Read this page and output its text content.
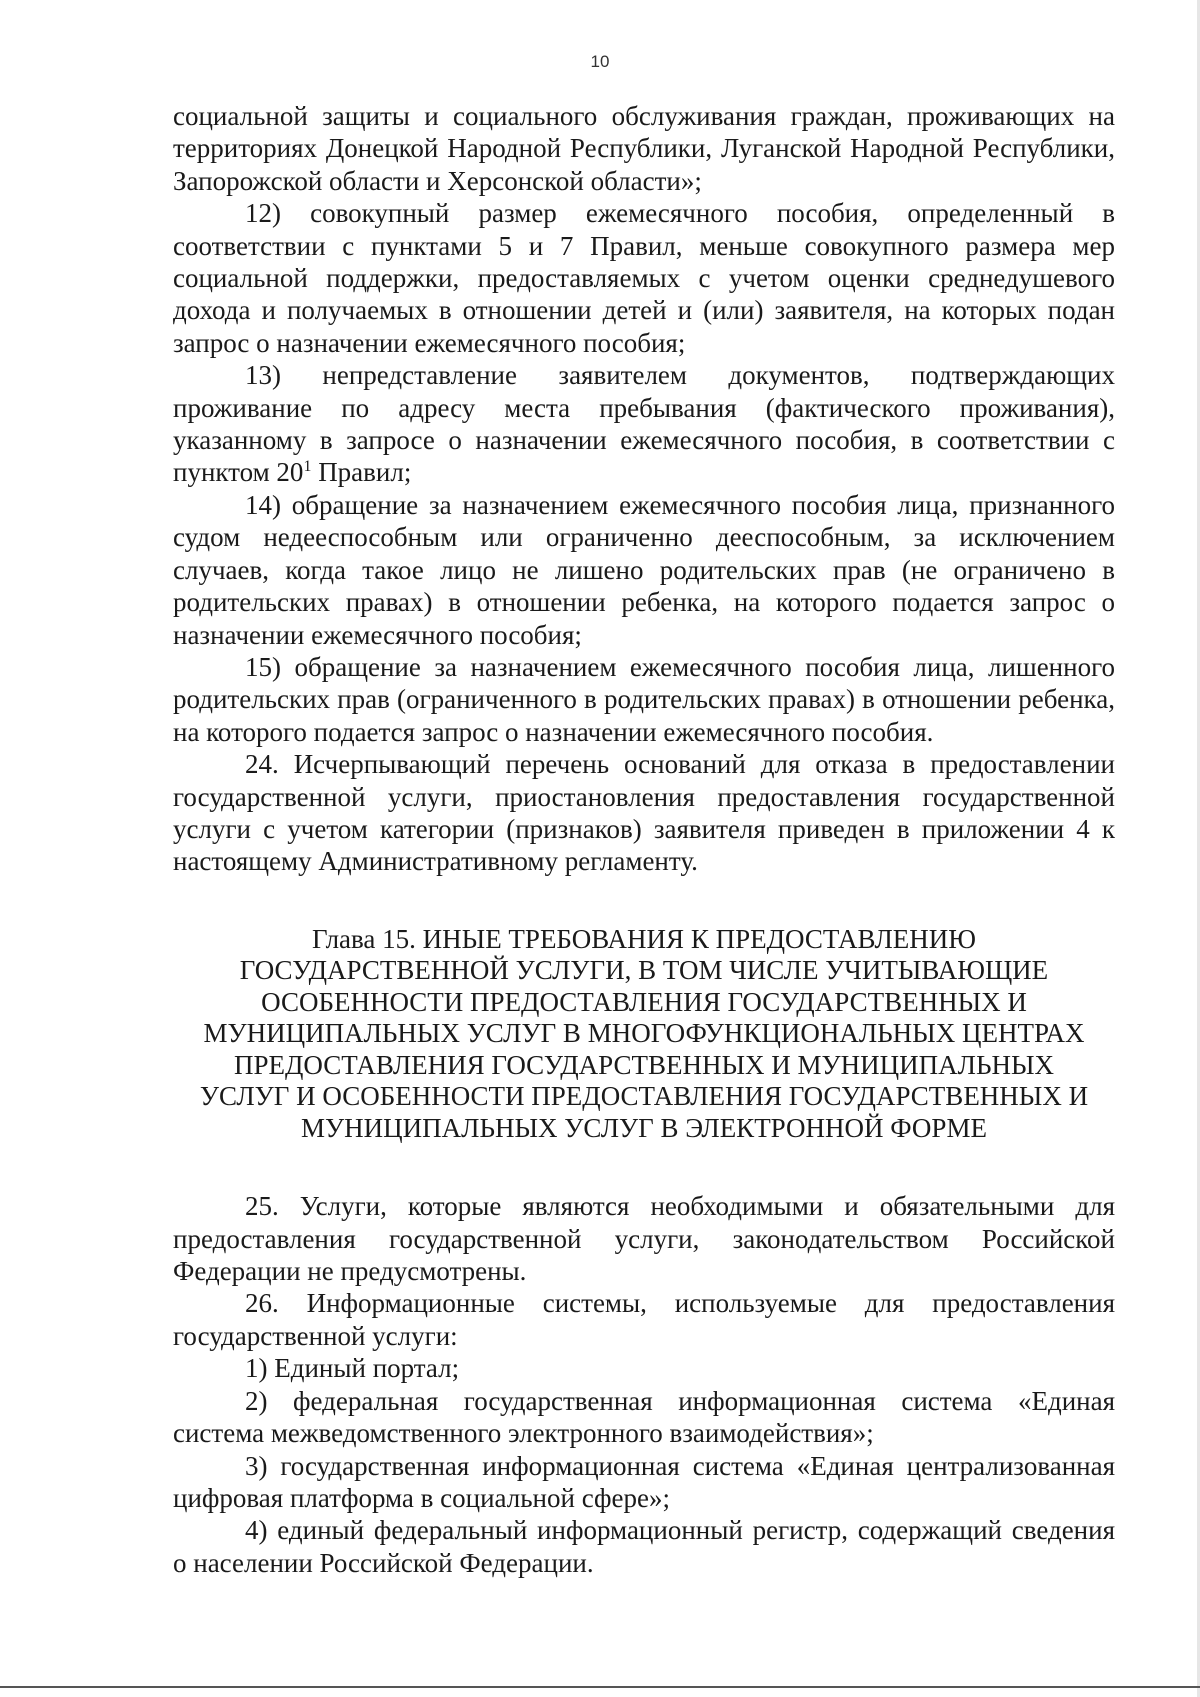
10

социальной защиты и социального обслуживания граждан, проживающих на территориях Донецкой Народной Республики, Луганской Народной Республики, Запорожской области и Херсонской области»;

12) совокупный размер ежемесячного пособия, определенный в соответствии с пунктами 5 и 7 Правил, меньше совокупного размера мер социальной поддержки, предоставляемых с учетом оценки среднедушевого дохода и получаемых в отношении детей и (или) заявителя, на которых подан запрос о назначении ежемесячного пособия;

13) непредставление заявителем документов, подтверждающих проживание по адресу места пребывания (фактического проживания), указанному в запросе о назначении ежемесячного пособия, в соответствии с пунктом $20^1$ Правил;

14) обращение за назначением ежемесячного пособия лица, признанного судом недееспособным или ограниченно дееспособным, за исключением случаев, когда такое лицо не лишено родительских прав (не ограничено в родительских правах) в отношении ребенка, на которого подается запрос о назначении ежемесячного пособия;

15) обращение за назначением ежемесячного пособия лица, лишенного родительских прав (ограниченного в родительских правах) в отношении ребенка, на которого подается запрос о назначении ежемесячного пособия.

24. Исчерпывающий перечень оснований для отказа в предоставлении государственной услуги, приостановления предоставления государственной услуги с учетом категории (признаков) заявителя приведен в приложении 4 к настоящему Административному регламенту.

Глава 15. ИНЫЕ ТРЕБОВАНИЯ К ПРЕДОСТАВЛЕНИЮ
ГОСУДАРСТВЕННОЙ УСЛУГИ, В ТОМ ЧИСЛЕ УЧИТЫВАЮЩИЕ
ОСОБЕННОСТИ ПРЕДОСТАВЛЕНИЯ ГОСУДАРСТВЕННЫХ И
МУНИЦИПАЛЬНЫХ УСЛУГ В МНОГОФУНКЦИОНАЛЬНЫХ ЦЕНТРАХ
ПРЕДОСТАВЛЕНИЯ ГОСУДАРСТВЕННЫХ И МУНИЦИПАЛЬНЫХ
УСЛУГ И ОСОБЕННОСТИ ПРЕДОСТАВЛЕНИЯ ГОСУДАРСТВЕННЫХ И
МУНИЦИПАЛЬНЫХ УСЛУГ В ЭЛЕКТРОННОЙ ФОРМЕ

25. Услуги, которые являются необходимыми и обязательными для предоставления государственной услуги, законодательством Российской Федерации не предусмотрены.

26. Информационные системы, используемые для предоставления государственной услуги:

1) Единый портал;

2) федеральная государственная информационная система «Единая система межведомственного электронного взаимодействия»;

3) государственная информационная система «Единая централизованная цифровая платформа в социальной сфере»;

4) единый федеральный информационный регистр, содержащий сведения о населении Российской Федерации.
